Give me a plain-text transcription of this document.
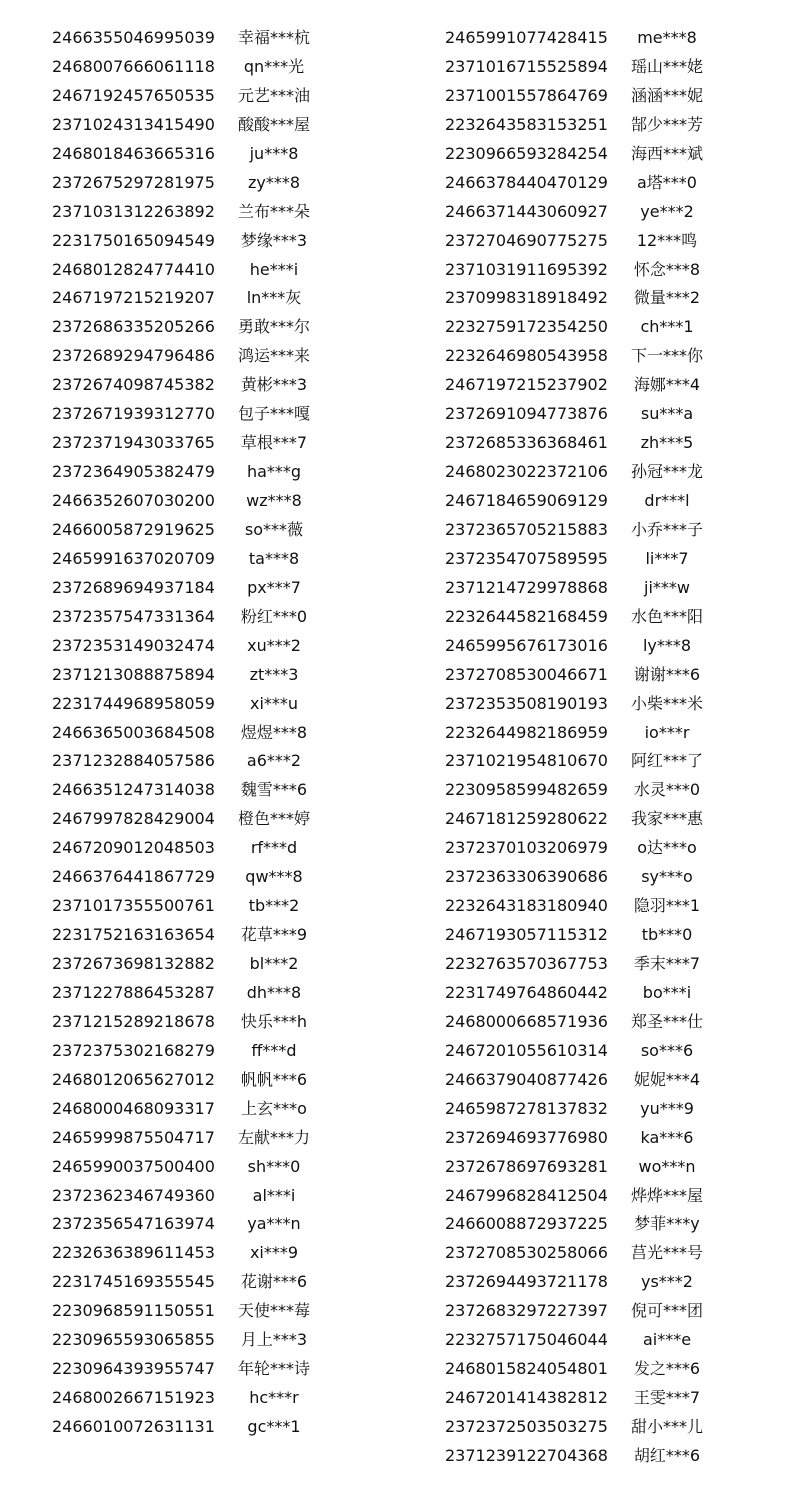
2466355046995039 幸福***杭
2468007666061118 qn***光
2467192457650535 元艺***油
2371024313415490 酸酸***屋
2468018463665316 ju***8
2372675297281975 zy***8
2371031312263892 兰布***朵
2231750165094549 梦缘***3
2468012824774410 he***i
2467197215219207 ln***灰
2372686335205266 勇敢***尔
2372689294796486 鸿运***来
2372674098745382 黄彬***3
2372671939312770 包子***嘎
2372371943033765 草根***7
2372364905382479 ha***g
2466352607030200 wz***8
2466005872919625 so***薇
2465991637020709 ta***8
2372689694937184 px***7
2372357547331364 粉红***0
2372353149032474 xu***2
2371213088875894 zt***3
2231744968958059 xi***u
2466365003684508 煜煜***8
2371232884057586 a6***2
2466351247314038 魏雪***6
2467997828429004 橙色***婷
2467209012048503 rf***d
2466376441867729 qw***8
2371017355500761 tb***2
2231752163163654 花草***9
2372673698132882 bl***2
2371227886453287 dh***8
2371215289218678 快乐***h
2372375302168279 ff***d
2468012065627012 帆帆***6
2468000468093317 上玄***o
2465999875504717 左献***力
2465990037500400 sh***0
2372362346749360 al***i
2372356547163974 ya***n
2232636389611453 xi***9
2231745169355545 花谢***6
2230968591150551 天使***莓
2230965593065855 月上***3
2230964393955747 年轮***诗
2468002667151923 hc***r
2466010072631131 gc***1
2465991077428415 me***8
2371016715525894 瑶山***姥
2371001557864769 涵涵***妮
2232643583153251 郜少***芳
2230966593284254 海西***斌
2466378440470129 a塔***0
2466371443060927 ye***2
2372704690775275 12***鸣
2371031911695392 怀念***8
2370998318918492 微量***2
2232759172354250 ch***1
2232646980543958 下一***你
2467197215237902 海娜***4
2372691094773876 su***a
2372685336368461 zh***5
2468023022372106 孙冠***龙
2467184659069129 dr***l
2372365705215883 小乔***子
2372354707589595 li***7
2371214729978868 ji***w
2232644582168459 水色***阳
2465995676173016 ly***8
2372708530046671 谢谢***6
2372353508190193 小柴***米
2232644982186959 io***r
2371021954810670 阿红***了
2230958599482659 水灵***0
2467181259280622 我家***惠
2372370103206979 o达***o
2372363306390686 sy***o
2232643183180940 隐羽***1
2467193057115312 tb***0
2232763570367753 季末***7
2231749764860442 bo***i
2468000668571936 郑圣***仕
2467201055610314 so***6
2466379040877426 妮妮***4
2465987278137832 yu***9
2372694693776980 ka***6
2372678697693281 wo***n
2467996828412504 烨烨***屋
2466008872937225 梦菲***y
2372708530258066 莒光***号
2372694493721178 ys***2
2372683297227397 倪可***团
2232757175046044 ai***e
2468015824054801 发之***6
2467201414382812 王雯***7
2372372503503275 甜小***儿
2371239122704368 胡红***6
